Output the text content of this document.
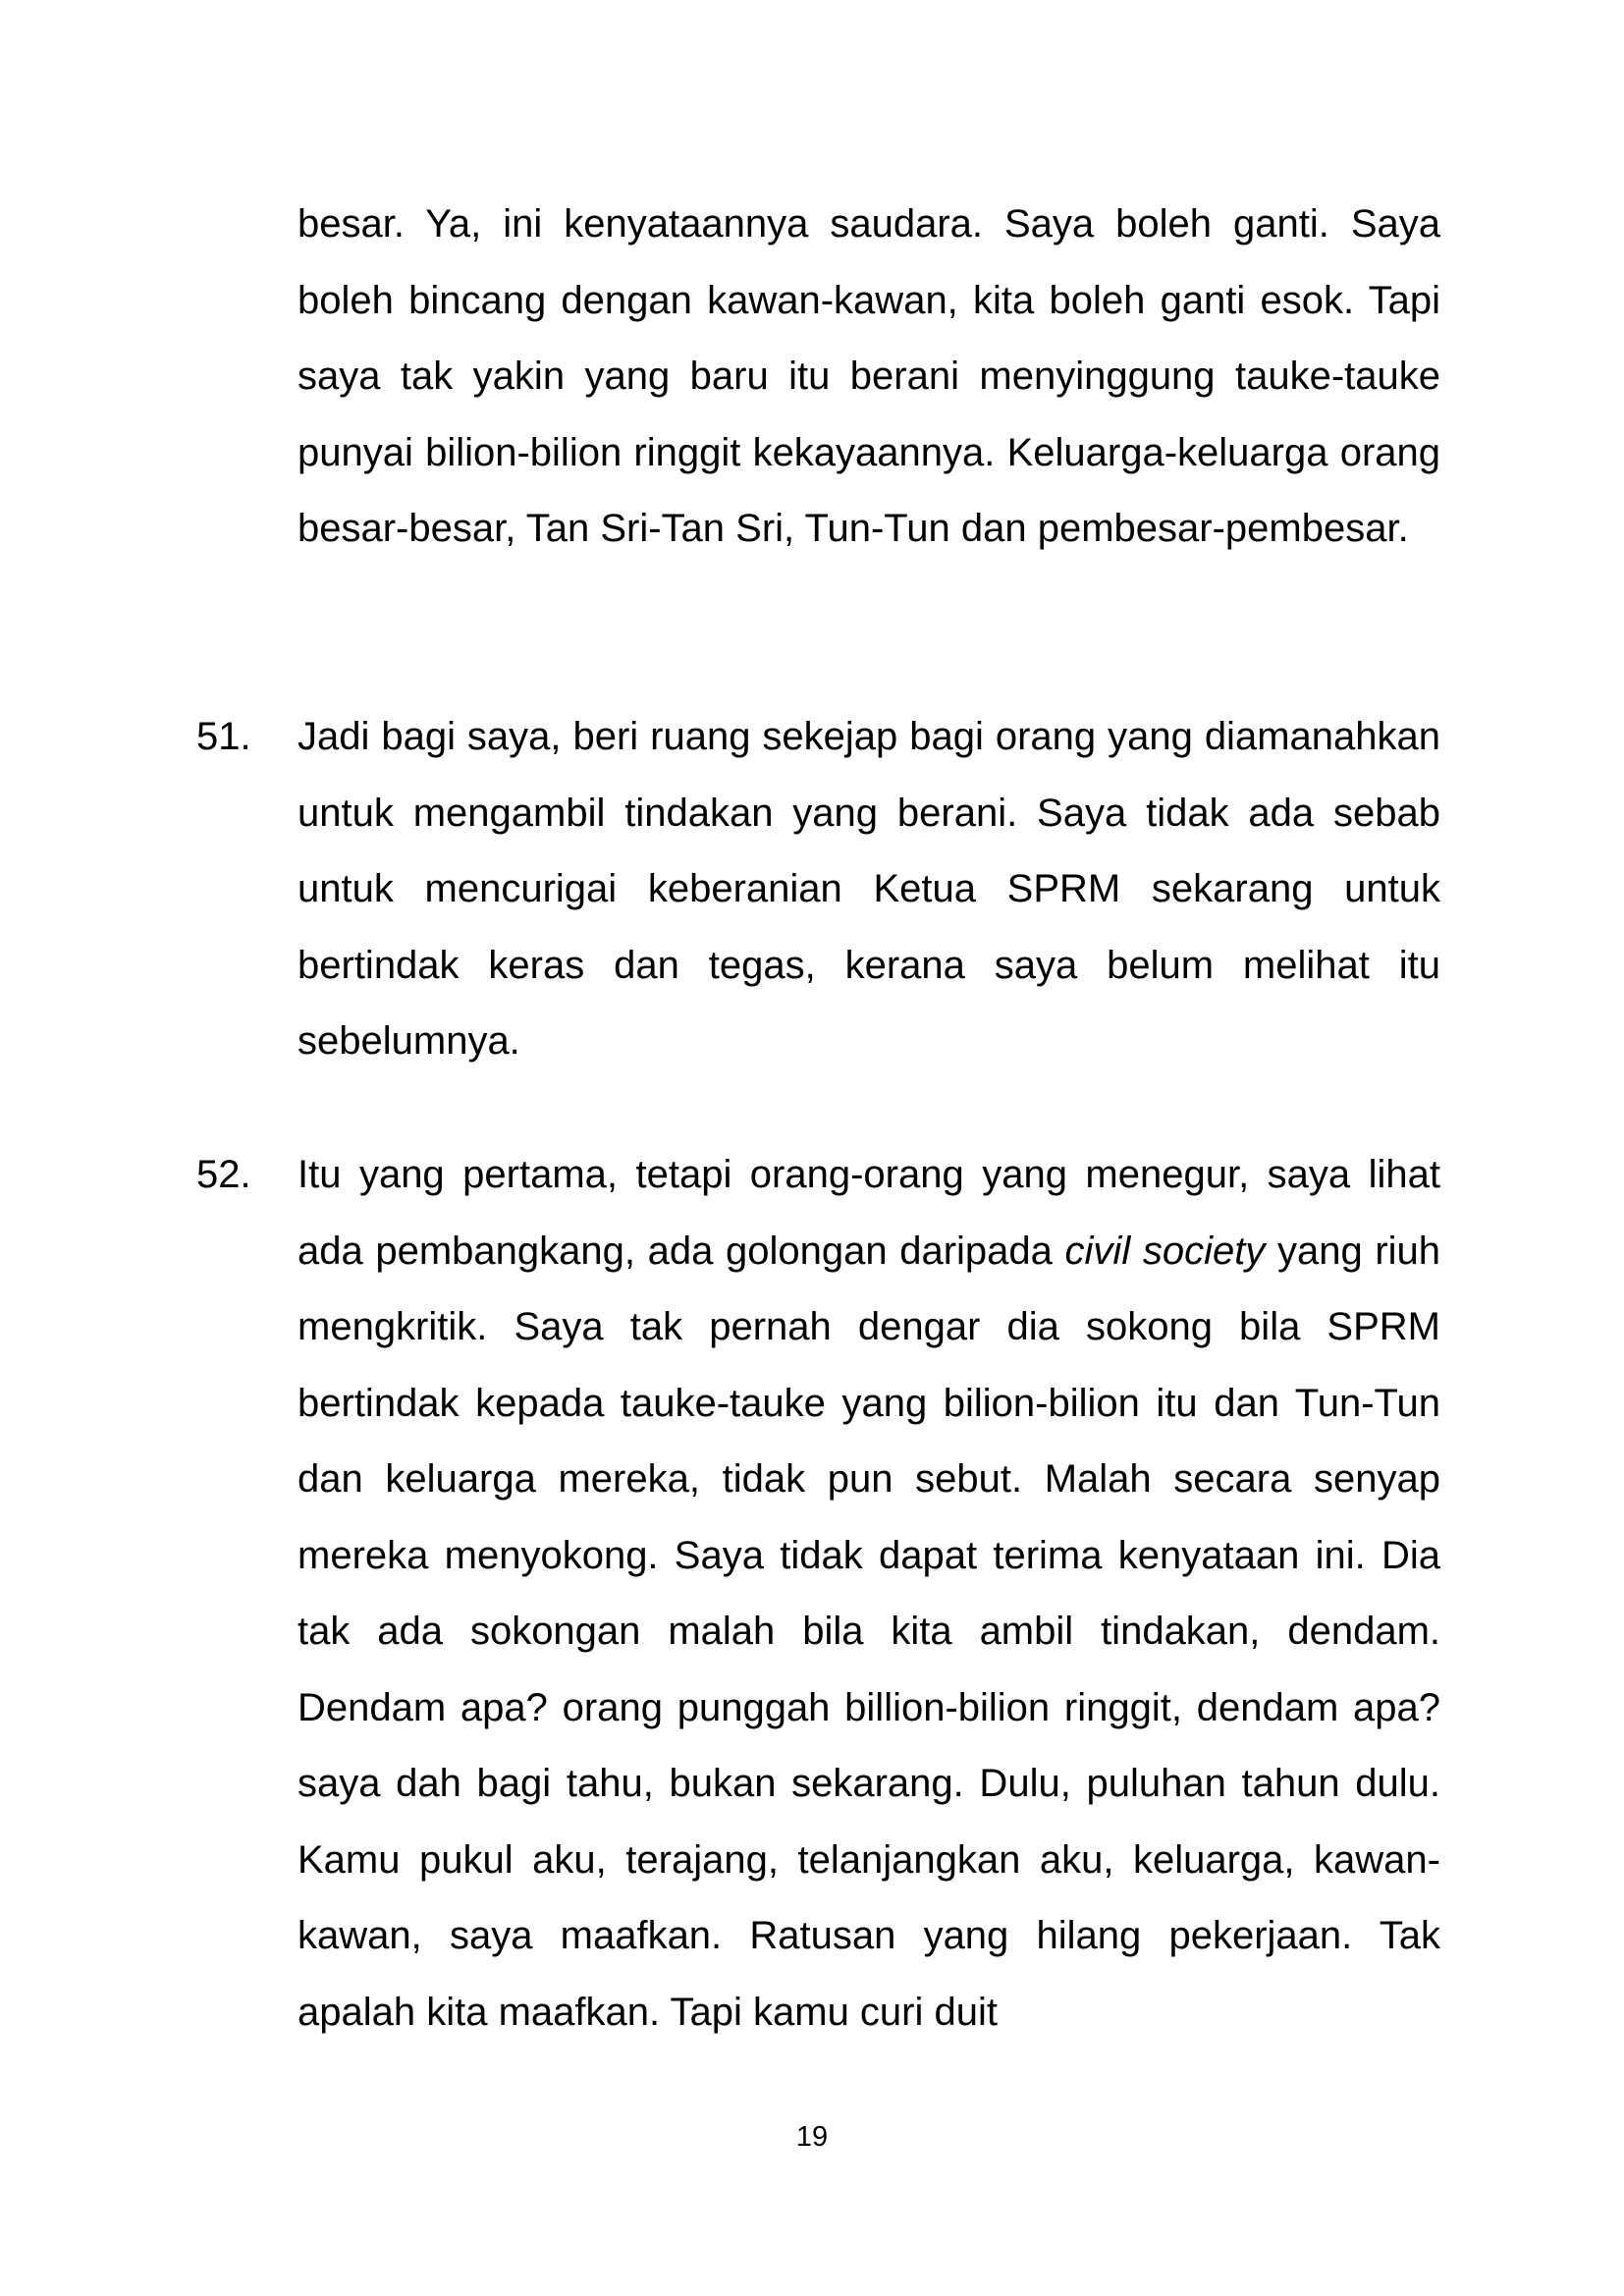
besar. Ya, ini kenyataannya saudara. Saya boleh ganti. Saya boleh bincang dengan kawan-kawan, kita boleh ganti esok. Tapi saya tak yakin yang baru itu berani menyinggung tauke-tauke punyai bilion-bilion ringgit kekayaannya. Keluarga-keluarga orang besar-besar, Tan Sri-Tan Sri, Tun-Tun dan pembesar-pembesar.

51. Jadi bagi saya, beri ruang sekejap bagi orang yang diamanahkan untuk mengambil tindakan yang berani. Saya tidak ada sebab untuk mencurigai keberanian Ketua SPRM sekarang untuk bertindak keras dan tegas, kerana saya belum melihat itu sebelumnya.

52. Itu yang pertama, tetapi orang-orang yang menegur, saya lihat ada pembangkang, ada golongan daripada civil society yang riuh mengkritik. Saya tak pernah dengar dia sokong bila SPRM bertindak kepada tauke-tauke yang bilion-bilion itu dan Tun-Tun dan keluarga mereka, tidak pun sebut. Malah secara senyap mereka menyokong. Saya tidak dapat terima kenyataan ini. Dia tak ada sokongan malah bila kita ambil tindakan, dendam. Dendam apa? orang punggah billion-bilion ringgit, dendam apa? saya dah bagi tahu, bukan sekarang. Dulu, puluhan tahun dulu. Kamu pukul aku, terajang, telanjangkan aku, keluarga, kawan-kawan, saya maafkan. Ratusan yang hilang pekerjaan. Tak apalah kita maafkan. Tapi kamu curi duit

19
